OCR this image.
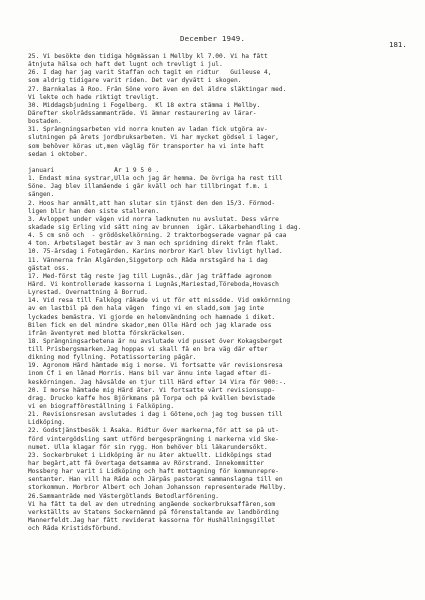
December 1949.
181.
25. Vi besökte den tidiga högmässan i Mellby kl 7.00. Vi ha fått
åtnjuta hälsa och haft det lugnt och trevligt i jul.
26. I dag har jag varit Staffan och tagit en ridtur   Guileuse 4,
som aldrig tidigare varit riden. Det var dyvått i skogen.
27. Barnkalas å Roo. Från Söne voro även en del äldre släktingar med.
Vi lekte och hade riktigt trevligt.
30. Middagsbjudning i Fogelberg.  Kl 18 extra stämma i Mellby.
Därefter skolrådssammanträde. Vi ämnar restaurering av lärar-
bostaden.
31. Sprängningsarbeten vid norra knuten av ladan fick utgöra av-
slutningen på årets jordbruksarbeten. Vi har mycket gödsel i lager,
som behöver köras ut,men vägläg för transporter ha vi inte haft
sedan i oktober.
januari                År 1 9 5 0 .
1. Endast mina systrar,Ulla och jag är hemma. De övriga ha rest till
Söne. Jag blev illamående i går kväll och har tillbringat f.m. i
sängen.
2. Hoos har anmält,att han slutar sin tjänst den den 15/3. Förmod-
ligen blir han den siste stalleren.
3. Avloppet under vägen vid norra ladknuten nu avslutat. Dess värre
skadade sig Erling vid sätt ning av brunnen  igår. Läkarbehandling i dag.
4. 5 cm snö och  - grödöskelkörning. 2 traktorbogserade vagnar på caa
4 ton. Arbetslaget består av 3 man och spridning direkt från flakt.
10. 75-årsdag i Fotegården. Karins morbror Karl blev livligt hyllad.
11. Vännerna från Ålgården,Siggetorp och Råda mrstsgård ha i dag
gästat oss.
17. Med-först tåg reste jag till Lugnås.,där jag träffade agronom
Hård. Vi kontrollerade kassorna i Lugnås,Mariestad,Töreboda,Hovasch
Lyrestad. Övernattning å Borrud.
14. Vid resa till Falköpg råkade vi ut för ett missöde. Vid omkörnning
av en lastbil på den hala vägen  fingo vi en sladd,som jag inte
lyckades bemästra. Vi gjorde en helomvändning och hamnade i diket.
Bilen fick en del mindre skador,men Olle Hård och jag klarade oss
ifrån äventyret med blotta förskräckelsen.
18. Sprängningsarbetena är nu avslutade vid pusset över Kokagsberget
till Prisbergsmarken.Jag hoppas vi skall få en bra väg där efter
dikning mod fyllning. Potatissortering pågår.
19. Agronom Hård hämtade mig i morse. Vi fortsatte vår revisionsresa
inom Cf i en lånad Morris. Hans bil var ännu inte lagad efter di-
keskörningen. Jag hävsålde en tjur till Hård efter 14 Vira för 900:-.
20. I morse hämtade mig Hård åter. Vi fortsatte vårt revisionsupp-
drag. Drucko kaffe hos Björkmans på Torpa och på kvällen bevistade
vi en biografföreställning i Falköping.
21. Revisionsresan avslutades i dag i Götene,och jag tog bussen till
Lidköping.
22. Godstjänstbesök i Åsaka. Ridtur över markerna,för att se på ut-
förd vintergödsling samt utförd bergesprängning i markerna vid Ske-
numet. Ulla klagar för sin rygg. Hon behöver bli läkarundersökt.
23. Sockerbruket i Lidköping är nu åter aktuellt. Lidköpings stad
har begärt,att få övertaga detsamma av Rörstrand. Innekommitter
Mossberg har varit i Lidköping och haft mottagning för kommunrepre-
sentanter. Han vill ha Råda och Järpås pastorat sammanslagna till en
storkommun. Morbror Albert och Johan Johansson representerade Mellby.
26.Sammanträde med Västergötlands Betodlarförening.
Vi ha fått ta del av den utredning angående sockerbruksaffären,som
verkställts av Statens Sockernämnd på förenstaltande av landbörding
Mannerfeldt.Jag har fått reviderat kassorna för Hushållningsgillet
och Råda Kristidsförbund.
